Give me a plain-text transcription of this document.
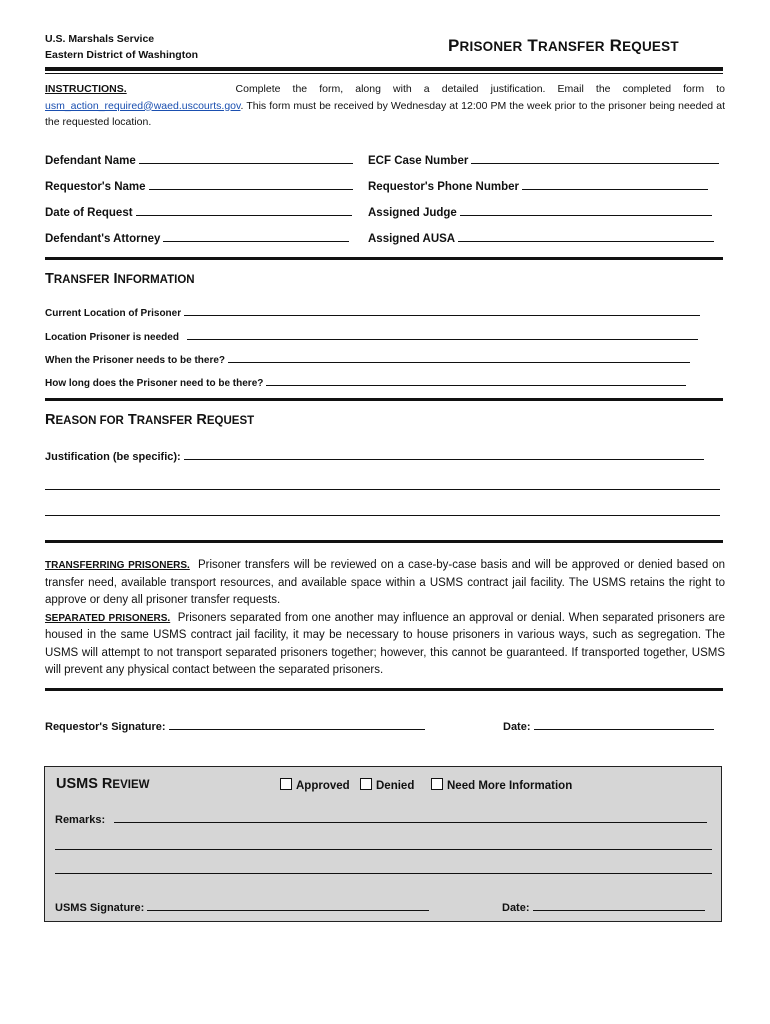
U.S. Marshals Service
Eastern District of Washington	PRISONER TRANSFER REQUEST
INSTRUCTIONS.	Complete the form, along with a detailed justification. Email the completed form to usm_action_required@waed.uscourts.gov. This form must be received by Wednesday at 12:00 PM the week prior to the prisoner being needed at the requested location.
Defendant Name	ECF Case Number
Requestor's Name	Requestor's Phone Number
Date of Request	Assigned Judge
Defendant's Attorney	Assigned AUSA
TRANSFER INFORMATION
Current Location of Prisoner
Location Prisoner is needed
When the Prisoner needs to be there?
How long does the Prisoner need to be there?
REASON FOR TRANSFER REQUEST
Justification (be specific):
TRANSFERRING PRISONERS. Prisoner transfers will be reviewed on a case-by-case basis and will be approved or denied based on transfer need, available transport resources, and available space within a USMS contract jail facility. The USMS retains the right to approve or deny all prisoner transfer requests.
SEPARATED PRISONERS. Prisoners separated from one another may influence an approval or denial. When separated prisoners are housed in the same USMS contract jail facility, it may be necessary to house prisoners in various ways, such as segregation. The USMS will attempt to not transport separated prisoners together; however, this cannot be guaranteed. If transported together, USMS will prevent any physical contact between the separated prisoners.
Requestor's Signature:	Date:
USMS REVIEW	Approved	Denied	Need More Information
Remarks:
USMS Signature:	Date:
